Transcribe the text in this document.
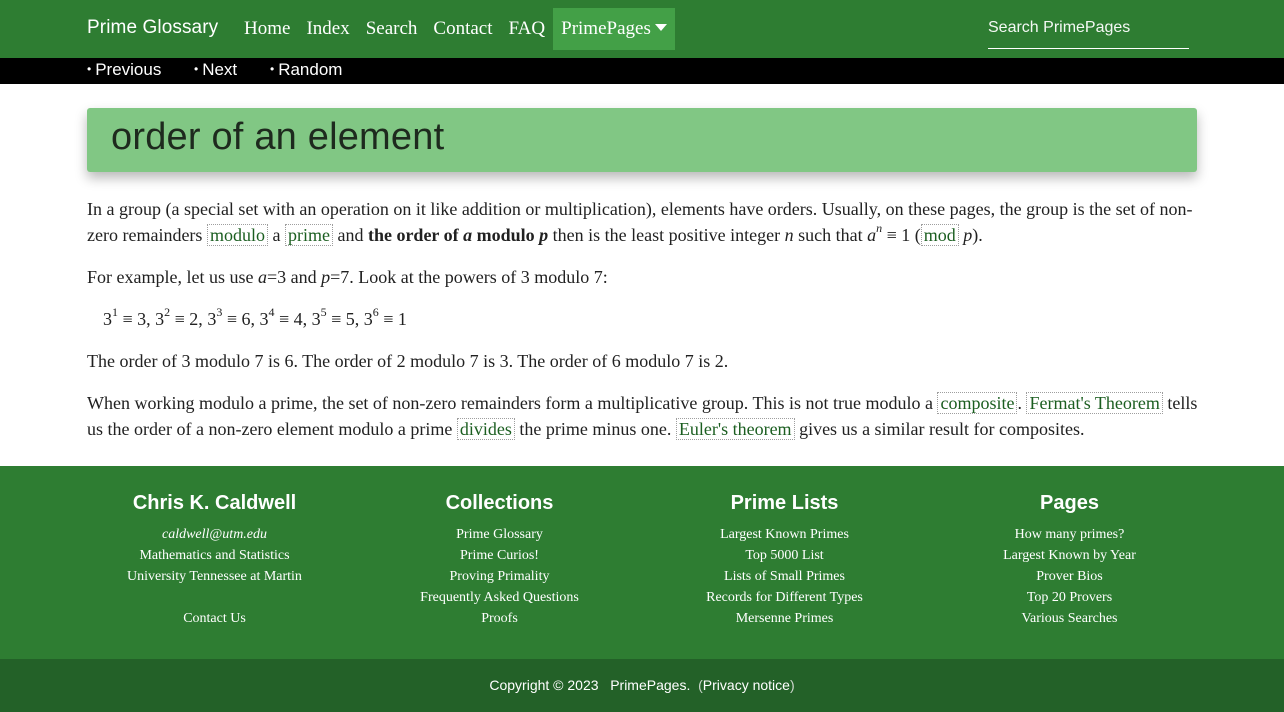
Prime Glossary	Home Index Search Contact FAQ PrimePages
Search PrimePages
• Previous	• Next	• Random
order of an element

In a group (a special set with an operation on it like addition or multiplication), elements have orders. Usually, on these pages, the group is the set of non-zero remainders modulo a prime and the order of a modulo p then is the least positive integer n such that $a^n \equiv 1$ ( mod p).

For example, let us use a=3 and p=7. Look at the powers of 3 modulo 7:

$3^1 \equiv 3$, $3^2 \equiv 2$, $3^3 \equiv 6$, $3^4 \equiv 4$, $3^5 \equiv 5$, $3^6 \equiv 1$

The order of 3 modulo 7 is 6. The order of 2 modulo 7 is 3. The order of 6 modulo 7 is 2.

When working modulo a prime, the set of non-zero remainders form a multiplicative group. This is not true modulo a composite . Fermat's Theorem tells us the order of a non-zero element modulo a prime divides the prime minus one. Euler's theorem gives us a similar result for composites.

Chris K. Caldwell
caldwell@utm.edu
Mathematics and Statistics
University Tennessee at Martin
Contact Us
Collections
Prime Glossary
Prime Curios!
Proving Primality
Frequently Asked Questions
Proofs
Prime Lists
Largest Known Primes
Top 5000 List
Lists of Small Primes
Records for Different Types
Mersenne Primes
Pages
How many primes?
Largest Known by Year
Prover Bios
Top 20 Provers
Various Searches
Copyright © 2023 PrimePages.  (Privacy notice)
